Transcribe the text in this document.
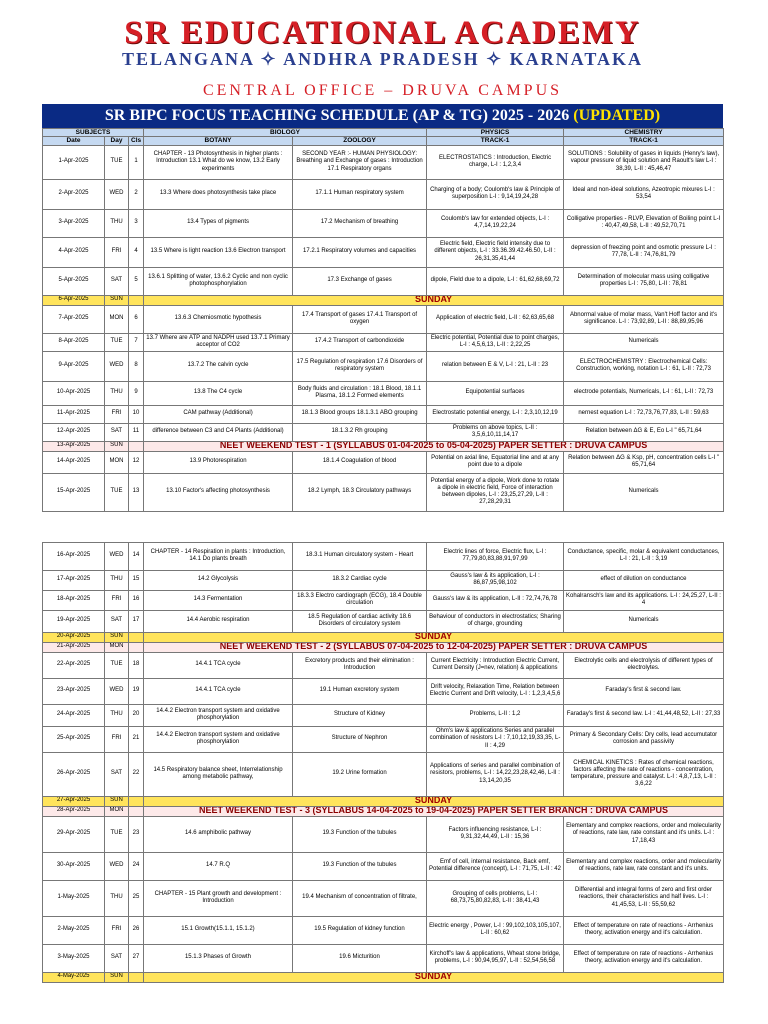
SR EDUCATIONAL ACADEMY
TELANGANA ✧ ANDHRA PRADESH ✧ KARNATAKA
CENTRAL OFFICE – DRUVA CAMPUS
SR BIPC FOCUS TEACHING SCHEDULE (AP & TG) 2025 - 2026 (UPDATED)
SUBJECTS			BIOLOGY		PHYSICS	CHEMISTRY
Date	Day	Cls	BOTANY	ZOOLOGY	TRACK-1	TRACK-1
1-Apr-2025	TUE	1	CHAPTER - 13 Photosynthesis in higher plants : Introduction 13.1 What do we know, 13.2 Early experiments	SECOND YEAR :- HUMAN PHYSIOLOGY: Breathing and Exchange of gases : Introduction 17.1 Respiratory organs	ELECTROSTATICS : Introduction, Electric charge, L-I : 1,2,3,4	SOLUTIONS : Solubility of gases in liquids (Henry's law), vapour pressure of liquid solution and Raoult's law L-I : 38,39, L-II : 45,46,47
2-Apr-2025	WED	2	13.3 Where does photosynthesis take place	17.1.1 Human respiratory system	Charging of a body; Coulomb's law & Principle of superposition L-I : 9,14,19,24,28	Ideal and non-ideal solutions, Azeotropic mixures L-I : 53,54
3-Apr-2025	THU	3	13.4 Types of pigments	17.2 Mechanism of breathing	Coulomb's law for extended objects, L-I : 4,7,14,19,22,24	Colligative properties - RLVP, Elevation of Boiling point L-I : 40,47,49,58, L-II : 49,52,70,71
4-Apr-2025	FRI	4	13.5 Where is light reaction 13.6 Electron transport	17.2.1 Respiratory volumes and capacities	Electric field, Electric field intensity due to different objects, L-I : 33.36.39.42.46.50, L-II : 26,31,35,41,44	depression of freezing point and osmotic pressure L-I : 77,78, L-II : 74,76,81,79
5-Apr-2025	SAT	5	13.6.1 Splitting of water, 13.6.2 Cyclic and non cyclic photophosphorylation	17.3 Exchange of gases	dipole, Field due to a dipole, L-I : 61,62,68,69,72	Determination of molecular mass using colligative properties L-I : 75,80, L-II : 78,81
6-Apr-2025	SUN		SUNDAY			
7-Apr-2025	MON	6	13.6.3 Chemiosmotic hypothesis	17.4 Transport of gases 17.4.1 Transport of oxygen	Application of electric field, L-II : 62,63,65,68	Abnormal value of molar mass, Van't Hoff factor and it's significance. L-I : 73,92,89, L-II : 88,89,95,96
8-Apr-2025	TUE	7	13.7 Where are ATP and NADPH used 13.7.1 Primary acceptor of CO2	17.4.2 Transport of carbondioxide	Electric potential, Potential due to point charges, L-I : 4,5,6,13, L-II : 2,22,25	Numericals
9-Apr-2025	WED	8	13.7.2 The calvin cycle	17.5 Regulation of respiration 17.6 Disorders of respiratory system	relation between E & V, L-I : 21, L-II : 23	ELECTROCHEMISTRY : Electrochemical Cells: Construction, working, notation L-I : 61, L-II : 72,73
10-Apr-2025	THU	9	13.8 The C4 cycle	Body fluids and circulation : 18.1 Blood, 18.1.1 Plasma, 18.1.2 Formed elements	Equipotential surfaces	electrode potentials, Numericals, L-I : 61, L-II : 72,73
11-Apr-2025	FRI	10	CAM pathway (Additional)	18.1.3 Blood groups 18.1.3.1 ABO grouping	Electrostatic potential energy, L-I : 2,3,10,12,19	nernest equation L-I : 72,73,76,77,83, L-II : 59,63
12-Apr-2025	SAT	11	difference between C3 and C4 Plants (Additional)	18.1.3.2 Rh grouping	Problems on above topics, L-II : 3,5,6,10,11,14,17	Relation between ΔG & E, Eo L-I " 65,71,64
13-Apr-2025	SUN		NEET WEEKEND TEST - 1 (SYLLABUS 01-04-2025 to 05-04-2025) PAPER SETTER : DRUVA CAMPUS			
14-Apr-2025	MON	12	13.9 Photorespiration	18.1.4 Coagulation of blood	Potential on axial line, Equatorial line and at any point due to a dipole	Relation between ΔG & Ksp, pH, concentration cells L-I " 65,71,64
15-Apr-2025	TUE	13	13.10 Factor's affecting photosynthesis	18.2 Lymph, 18.3 Circulatory pathways	Potential energy of a dipole, Work done to rotate a dipole in electric field, Force of interaction between dipoles, L-I : 23,25,27,29, L-II : 27,28,29,31	Numericals
16-Apr-2025	WED	14	CHAPTER - 14 Respiration in plants : Introduction, 14.1 Do plants breath	18.3.1 Human circulatory system - Heart	Electric lines of force, Electric flux, L-I : 77,79,80,83,88,91,97,99	Conductance, specific, molar & equivalent conductances, L-I : 21, L-II : 3,19
17-Apr-2025	THU	15	14.2 Glycolysis	18.3.2 Cardiac cycle	Gauss's law & its application, L-I : 86,87,95,98,102	effect of dilution on conductance
18-Apr-2025	FRI	16	14.3 Fermentation	18.3.3 Electro cardiograph (ECG), 18.4 Double circulation	Gauss's law & its application, L-II : 72,74,76,78	Kohalransch's law and its applications. L-I : 24,25,27, L-II : 4
19-Apr-2025	SAT	17	14.4 Aerobic respiration	18.5 Regulation of cardiac activity 18.6 Disorders of circulatory system	Behaviour of conductors in electrostatics; Sharing of charge, grounding	Numericals
20-Apr-2025	SUN		SUNDAY			
21-Apr-2025	MON		NEET WEEKEND TEST - 2 (SYLLABUS 07-04-2025 to 12-04-2025) PAPER SETTER : DRUVA CAMPUS			
22-Apr-2025	TUE	18	14.4.1 TCA cycle	Excretory products and their elimination : Introduction	Current Electricity : Introduction Electric Current, Current Density (J=nev, relation) & applications	Electrolytic cells and electrolysis of different types of electrolytes.
23-Apr-2025	WED	19	14.4.1 TCA cycle	19.1 Human excretory system	Drift velocity, Relaxation Time, Relation between Electric Current and Drift velocity, L-I : 1,2,3,4,5,6	Faraday's first & second law.
24-Apr-2025	THU	20	14.4.2 Electron transport system and oxidative phosphorylation	Structure of Kidney	Problems, L-II : 1,2	Faraday's first & second law. L-I : 41,44,48,52, L-II : 27,33
25-Apr-2025	FRI	21	14.4.2 Electron transport system and oxidative phosphorylation	Structure of Nephron	Ohm's law & applications Series and parallel combination of resistors L-I : 7,10,12,19,33,35, L-II : 4,29	Primary & Secondary Cells: Dry cells, lead accumutator corrosion and passivity
26-Apr-2025	SAT	22	14.5 Respiratory balance sheet, Interrelationship among metabolic pathway,	19.2 Urine formation	Applications of series and parallel combination of resistors, problems, L-I : 14,22,23,28,42,46, L-II : 13,14,20,35	CHEMICAL KINETICS : Rates of chemical reactions, factors affecting the rate of reactions - concentration, temperature, pressure and catalyst. L-I : 4,8,7,13, L-II : 3,6,22
27-Apr-2025	SUN		SUNDAY			
28-Apr-2025	MON		NEET WEEKEND TEST - 3 (SYLLABUS 14-04-2025 to 19-04-2025) PAPER SETTER BRANCH : DRUVA CAMPUS			
29-Apr-2025	TUE	23	14.6 amphibolic pathway	19.3 Function of the tubules	Factors influencing resistance, L-I : 9,31,32,44,49, L-II : 15,36	Elementary and complex reactions, order and molecularity of reactions, rate law, rate constant and it's units. L-I : 17,18,43
30-Apr-2025	WED	24	14.7 R.Q	19.3 Function of the tubules	Emf of cell, internal resistance, Back emf, Potential difference (concept), L-I : 71,75, L-II : 42	Elementary and complex reactions, order and molecularity of reactions, rate law, rate constant and it's units.
1-May-2025	THU	25	CHAPTER - 15 Plant growth and development : Introduction	19.4 Mechanism of concentration of filtrate,	Grouping of cells problems, L-I : 68,73,75,80,82,83, L-II : 38,41,43	Differential and integral forms of zero and first order reactions, their characteristics and half lives. L-I : 41,45,53, L-II : 55,59,62
2-May-2025	FRI	26	15.1 Growth(15.1.1, 15.1.2)	19.5 Regulation of kidney function	Electric energy , Power, L-I : 99,102,103,105,107, L-II : 60,62	Effect of temperature on rate of reactions - Arrhenius theory, activation energy and it's calculation.
3-May-2025	SAT	27	15.1.3 Phases of Growth	19.6 Micturition	Kirchoff's law & applications, Wheat stone bridge, problems, L-I : 90,94,95,97, L-II : 52,54,56,58	Effect of temperature on rate of reactions - Arrhenius theory, activation energy and it's calculation.
4-May-2025	SUN		SUNDAY			
